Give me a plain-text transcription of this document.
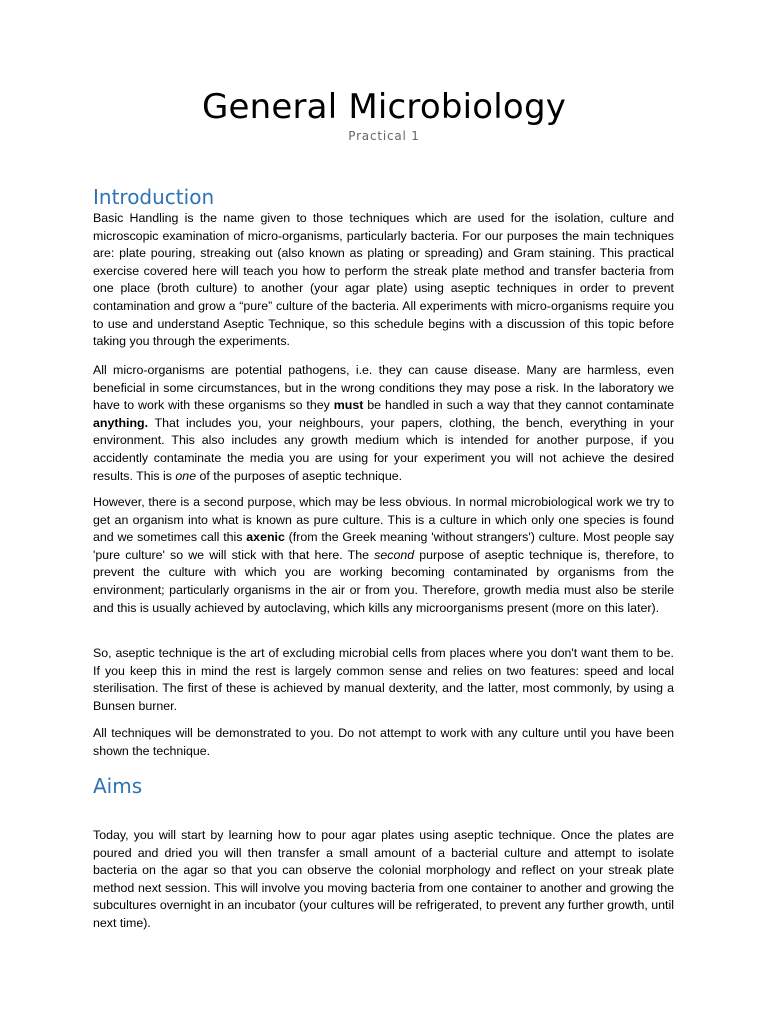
General Microbiology
Practical 1
Introduction

Basic Handling is the name given to those techniques which are used for the isolation, culture and microscopic examination of micro-organisms, particularly bacteria. For our purposes the main techniques are: plate pouring, streaking out (also known as plating or spreading) and Gram staining. This practical exercise covered here will teach you how to perform the streak plate method and transfer bacteria from one place (broth culture) to another (your agar plate) using aseptic techniques in order to prevent contamination and grow a “pure” culture of the bacteria. All experiments with micro-organisms require you to use and understand Aseptic Technique, so this schedule begins with a discussion of this topic before taking you through the experiments.

All micro-organisms are potential pathogens, i.e. they can cause disease. Many are harmless, even beneficial in some circumstances, but in the wrong conditions they may pose a risk. In the laboratory we have to work with these organisms so they must be handled in such a way that they cannot contaminate anything. That includes you, your neighbours, your papers, clothing, the bench, everything in your environment. This also includes any growth medium which is intended for another purpose, if you accidently contaminate the media you are using for your experiment you will not achieve the desired results. This is one of the purposes of aseptic technique.

However, there is a second purpose, which may be less obvious. In normal microbiological work we try to get an organism into what is known as pure culture. This is a culture in which only one species is found and we sometimes call this axenic (from the Greek meaning 'without strangers') culture. Most people say 'pure culture' so we will stick with that here. The second purpose of aseptic technique is, therefore, to prevent the culture with which you are working becoming contaminated by organisms from the environment; particularly organisms in the air or from you. Therefore, growth media must also be sterile and this is usually achieved by autoclaving, which kills any microorganisms present (more on this later).

So, aseptic technique is the art of excluding microbial cells from places where you don't want them to be. If you keep this in mind the rest is largely common sense and relies on two features: speed and local sterilisation. The first of these is achieved by manual dexterity, and the latter, most commonly, by using a Bunsen burner.

All techniques will be demonstrated to you. Do not attempt to work with any culture until you have been shown the technique.

Aims

Today, you will start by learning how to pour agar plates using aseptic technique. Once the plates are poured and dried you will then transfer a small amount of a bacterial culture and attempt to isolate bacteria on the agar so that you can observe the colonial morphology and reflect on your streak plate method next session. This will involve you moving bacteria from one container to another and growing the subcultures overnight in an incubator (your cultures will be refrigerated, to prevent any further growth, until next time).
